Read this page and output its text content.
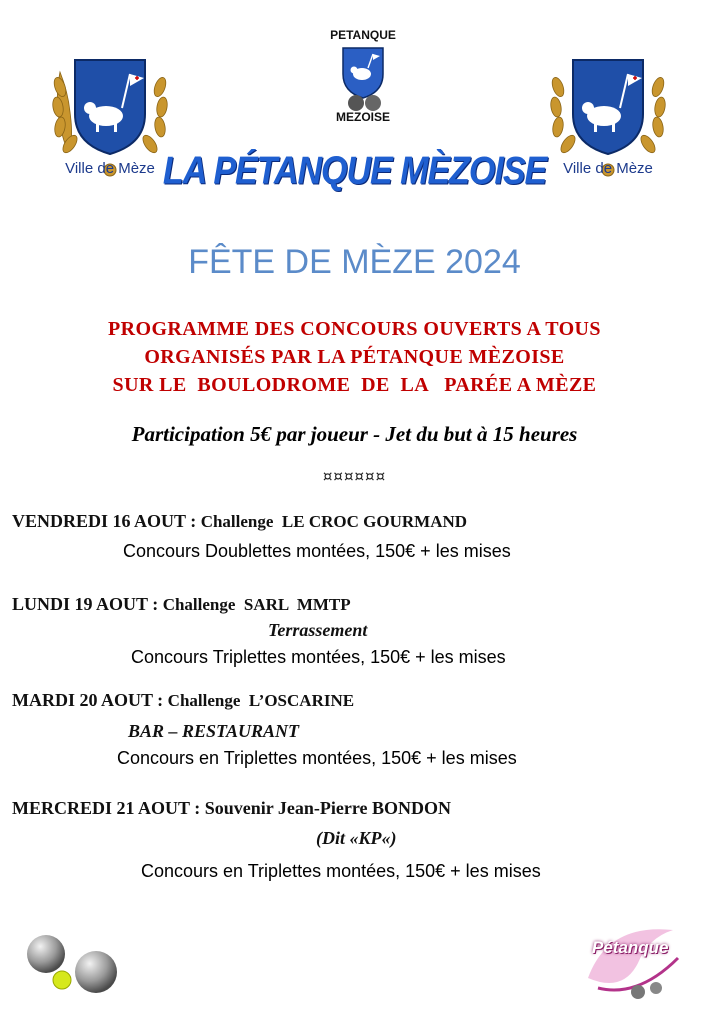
Ville de Mèze	Ville de Mèze
PETANQUE
MEZOISE
LA PÉTANQUE MÈZOISE
FÊTE DE MÈZE 2024
PROGRAMME DES CONCOURS OUVERTS A TOUS
ORGANISÉS PAR LA PÉTANQUE MÈZOISE
SUR LE  BOULODROME  DE  LA   PARÉE A MÈZE
Participation 5€ par joueur - Jet du but à 15 heures
¤¤¤¤¤¤
VENDREDI 16 AOUT : Challenge  LE CROC GOURMAND
Concours Doublettes montées, 150€ + les mises
LUNDI 19 AOUT : Challenge  SARL  MMTP
Terrassement
Concours Triplettes montées, 150€ + les mises
MARDI 20 AOUT : Challenge  L’OSCARINE
BAR – RESTAURANT
Concours en Triplettes montées, 150€ + les mises
MERCREDI 21 AOUT : Souvenir Jean-Pierre BONDON
(Dit «KP«)
Concours en Triplettes montées, 150€ + les mises
Pétanque
